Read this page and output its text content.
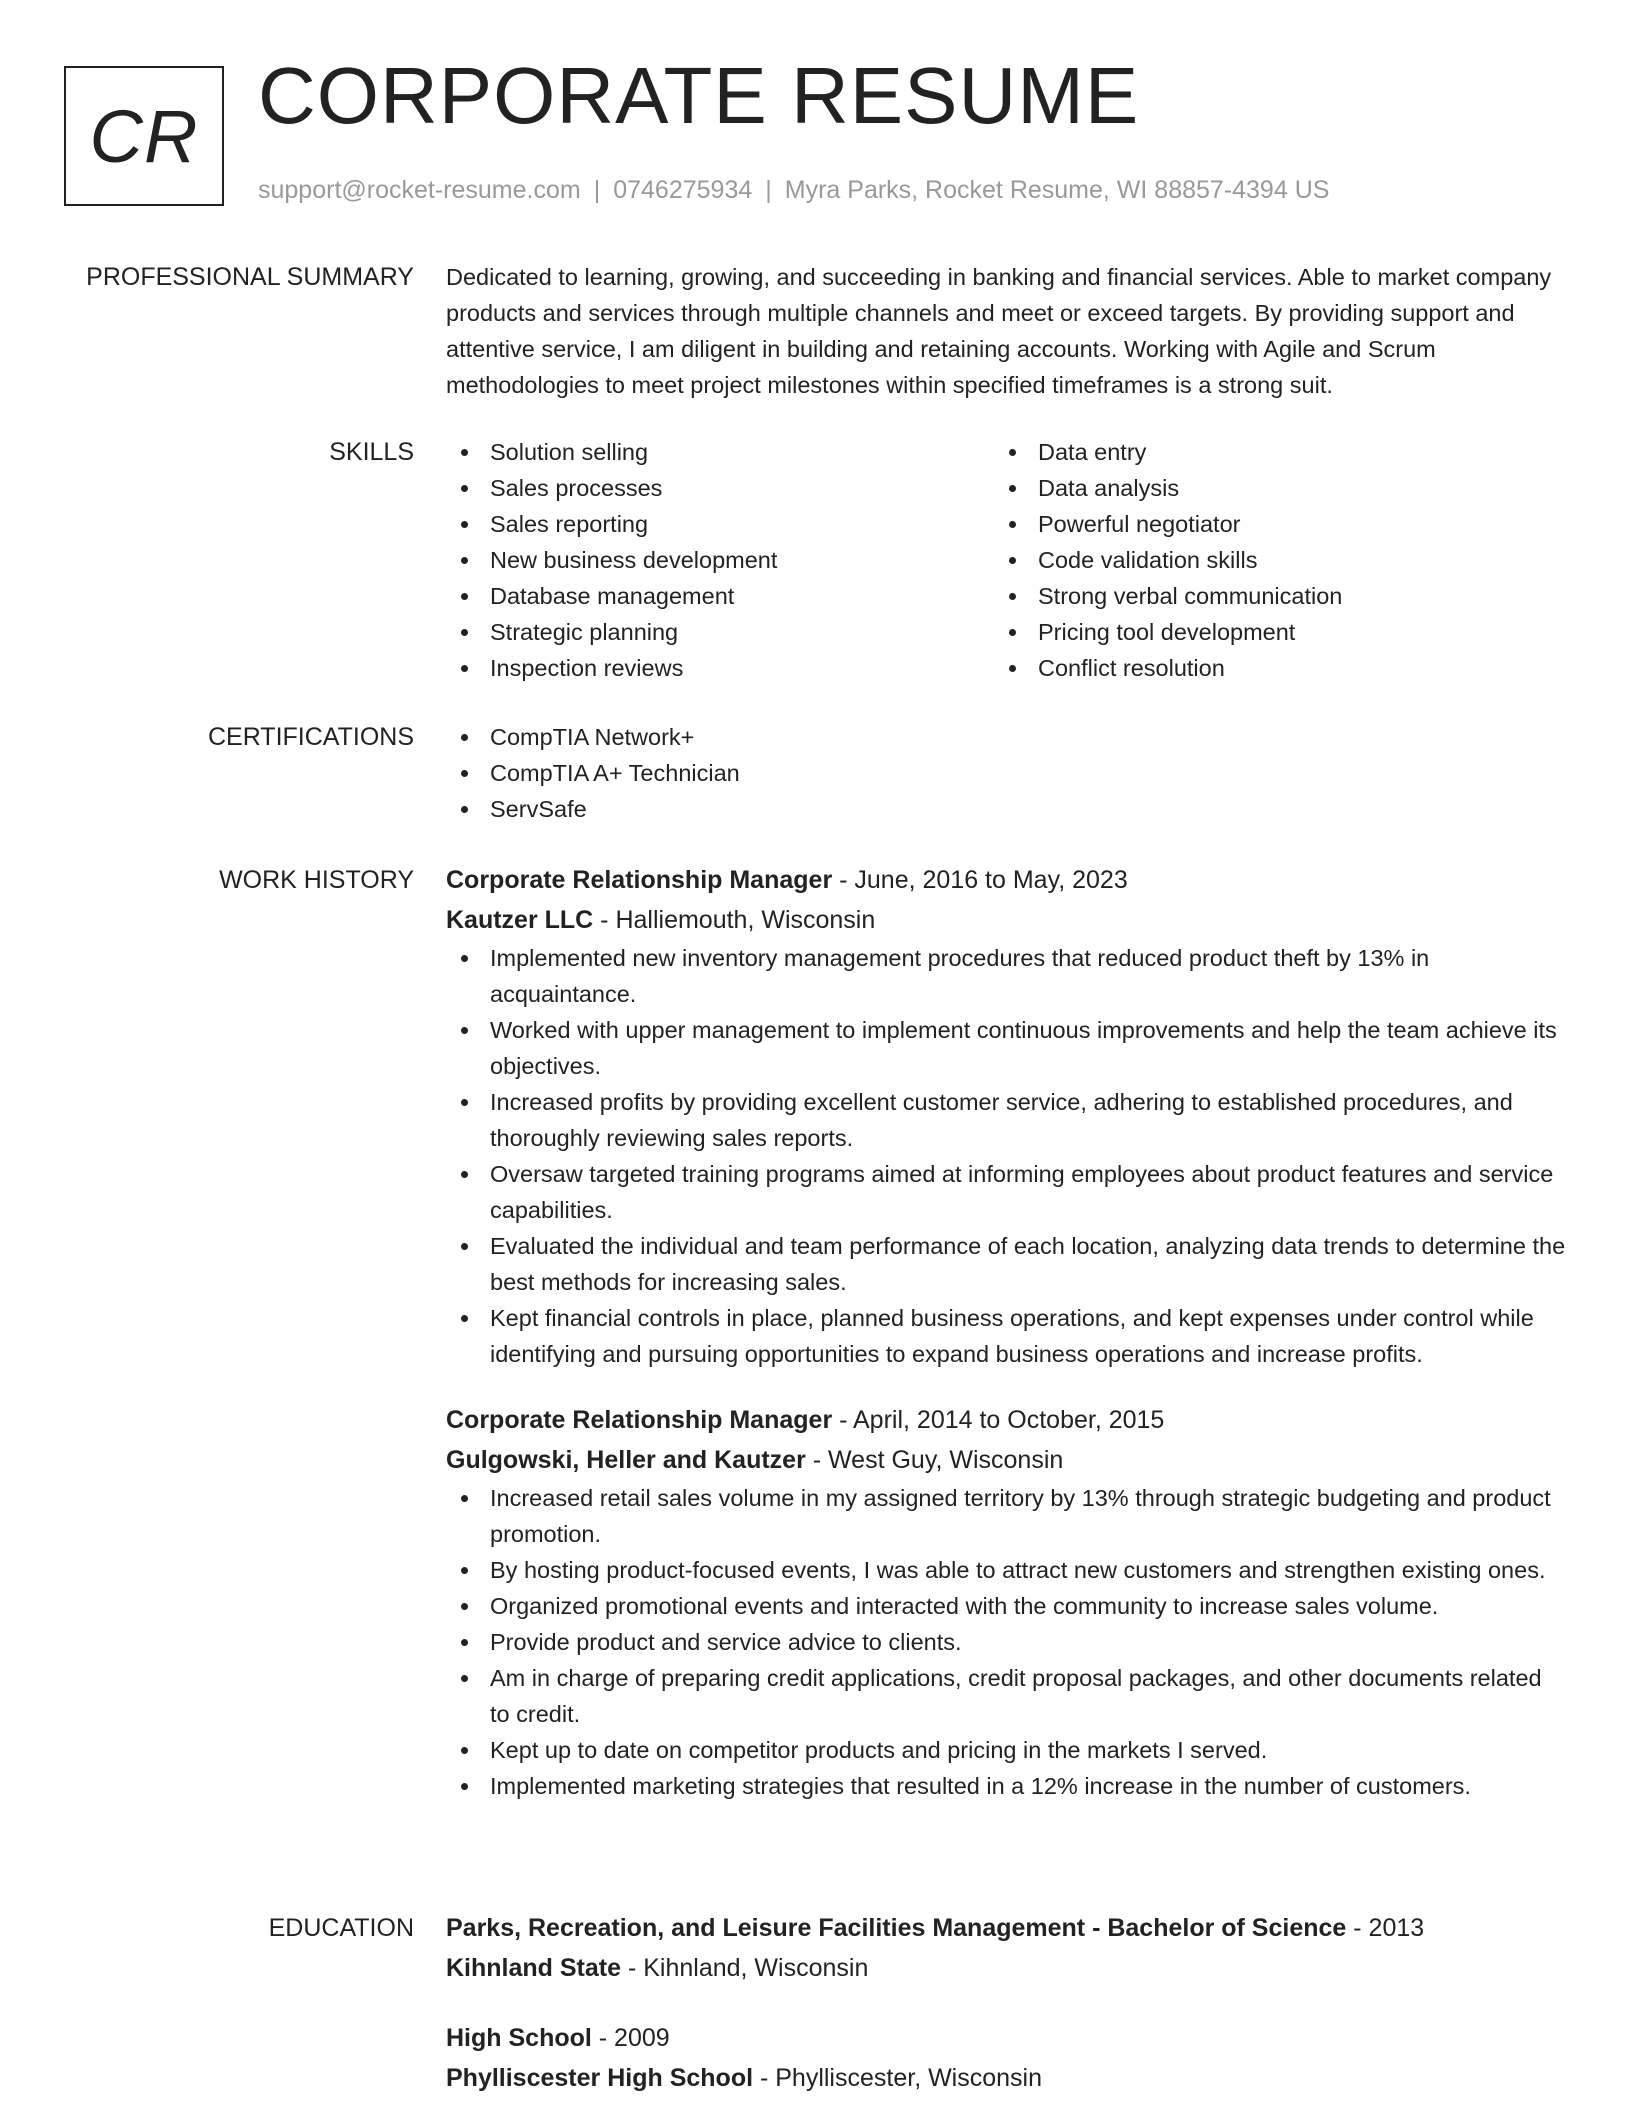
CR CORPORATE RESUME
support@rocket-resume.com | 0746275934 | Myra Parks, Rocket Resume, WI 88857-4394 US
PROFESSIONAL SUMMARY Dedicated to learning, growing, and succeeding in banking and financial services. Able to market company products and services through multiple channels and meet or exceed targets. By providing support and attentive service, I am diligent in building and retaining accounts. Working with Agile and Scrum methodologies to meet project milestones within specified timeframes is a strong suit.

SKILLS	Solution selling
Sales processes
Sales reporting
New business development
Database management
Strategic planning
Inspection reviews
Data entry
Data analysis
Powerful negotiator
Code validation skills
Strong verbal communication
Pricing tool development
Conflict resolution
CERTIFICATIONS	CompTIA Network+
CompTIA A+ Technician
ServSafe
WORK HISTORY Corporate Relationship Manager - June, 2016 to May, 2023
Kautzer LLC - Halliemouth, Wisconsin
Implemented new inventory management procedures that reduced product theft by 13% in acquaintance.
Worked with upper management to implement continuous improvements and help the team achieve its objectives.
Increased profits by providing excellent customer service, adhering to established procedures, and thoroughly reviewing sales reports.
Oversaw targeted training programs aimed at informing employees about product features and service capabilities.
Evaluated the individual and team performance of each location, analyzing data trends to determine the best methods for increasing sales.
Kept financial controls in place, planned business operations, and kept expenses under control while identifying and pursuing opportunities to expand business operations and increase profits.
Corporate Relationship Manager - April, 2014 to October, 2015
Gulgowski, Heller and Kautzer - West Guy, Wisconsin
Increased retail sales volume in my assigned territory by 13% through strategic budgeting and product promotion.
By hosting product-focused events, I was able to attract new customers and strengthen existing ones.
Organized promotional events and interacted with the community to increase sales volume.
Provide product and service advice to clients.
Am in charge of preparing credit applications, credit proposal packages, and other documents related to credit.
Kept up to date on competitor products and pricing in the markets I served.
Implemented marketing strategies that resulted in a 12% increase in the number of customers.
EDUCATION Parks, Recreation, and Leisure Facilities Management - Bachelor of Science - 2013
Kihnland State - Kihnland, Wisconsin
High School - 2009
Phylliscester High School - Phylliscester, Wisconsin
